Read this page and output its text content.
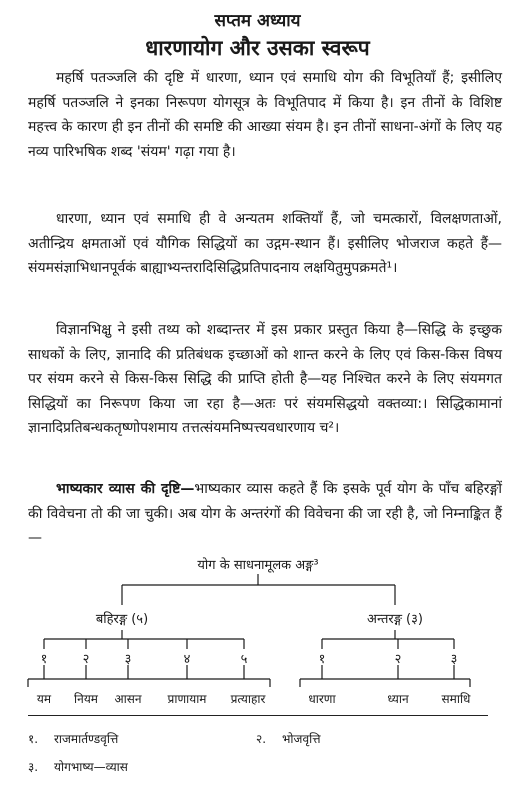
सप्तम अध्याय
धारणायोग और उसका स्वरूप

महर्षि पतञ्जलि की दृष्टि में धारणा, ध्यान एवं समाधि योग की विभूतियाँ हैं; इसीलिए महर्षि पतञ्जलि ने इनका निरूपण योगसूत्र के विभूतिपाद में किया है। इन तीनों के विशिष्ट महत्त्व के कारण ही इन तीनों की समष्टि की आख्या संयम है। इन तीनों साधना-अंगों के लिए यह नव्य पारिभषिक शब्द 'संयम' गढ़ा गया है।

धारणा, ध्यान एवं समाधि ही वे अन्यतम शक्तियाँ हैं, जो चमत्कारों, विलक्षणताओं, अतीन्द्रिय क्षमताओं एवं यौगिक सिद्धियों का उद्गम-स्थान हैं। इसीलिए भोजराज कहते हैं—संयमसंज्ञाभिधानपूर्वकं बाह्याभ्यन्तरादिसिद्धिप्रतिपादनाय लक्षयितुमुपक्रमते¹।

विज्ञानभिक्षु ने इसी तथ्य को शब्दान्तर में इस प्रकार प्रस्तुत किया है—सिद्धि के इच्छुक साधकों के लिए, ज्ञानादि की प्रतिबंधक इच्छाओं को शान्त करने के लिए एवं किस-किस विषय पर संयम करने से किस-किस सिद्धि की प्राप्ति होती है—यह निश्चित करने के लिए संयमगत सिद्धियों का निरूपण किया जा रहा है—अतः परं संयमसिद्धयो वक्तव्या:। सिद्धिकामानां ज्ञानादिप्रतिबन्धकतृष्णोपशमाय तत्तत्संयमनिष्पत्त्यवधारणाय च²।

भाष्यकार व्यास की दृष्टि—भाष्यकार व्यास कहते हैं कि इसके पूर्व योग के पाँच बहिरङ्गों की विवेचना तो की जा चुकी। अब योग के अन्तरंगों की विवेचना की जा रही है, जो निम्नाङ्कित हैं—

योग के साधनामूलक अङ्ग³
बहिरङ्ग (५)	अन्तरङ्ग (३)
१	२	३	४	५	१	२	३
यम नियम आसन प्राणायाम प्रत्याहार	धारणा	ध्यान	समाधि
१. राजमार्तण्डवृत्ति	२. भोजवृत्ति
३. योगभाष्य—व्यास
